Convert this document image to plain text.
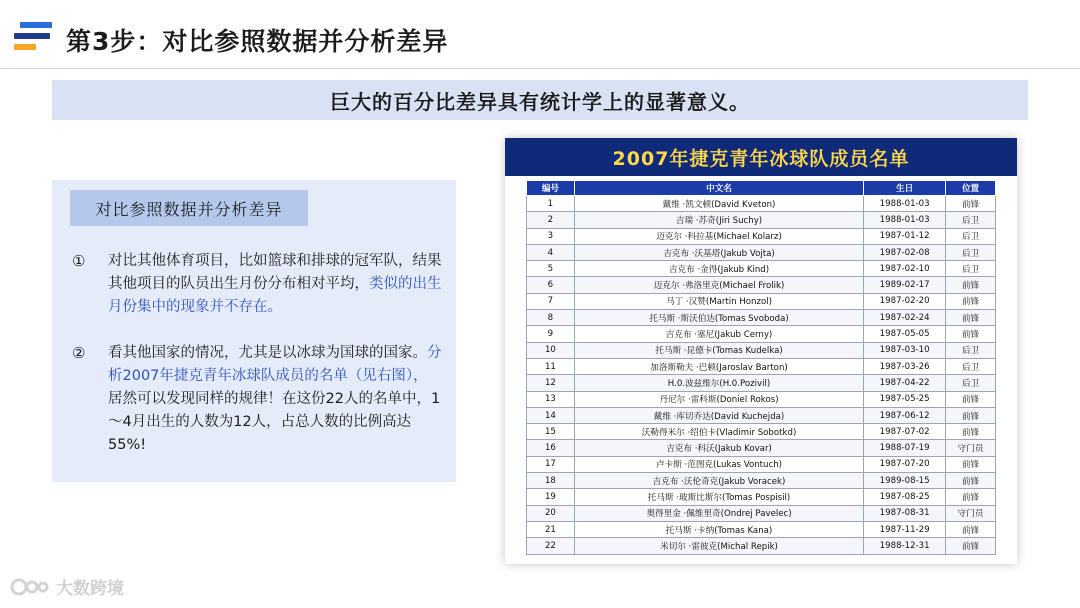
第3步：对比参照数据并分析差异
巨大的百分比差异具有统计学上的显著意义。
对比参照数据并分析差异
① 对比其他体育项目，比如篮球和排球的冠军队，结果其他项目的队员出生月份分布相对平均，类似的出生月份集中的现象并不存在。
② 看其他国家的情况，尤其是以冰球为国球的国家。分析2007年捷克青年冰球队成员的名单（见右图），居然可以发现同样的规律！在这份22人的名单中，1～4月出生的人数为12人，占总人数的比例高达55%!
2007年捷克青年冰球队成员名单
编号	中文名	生日	位置
1	戴维 ·凯文顿(David Kveton)	1988-01-03	前锋
2	吉瑞 ·苏奇(Jiri Suchy)	1988-01-03	后卫
3	迈克尔 ·科拉基(Michael Kolarz)	1987-01-12	后卫
4	吉克布 ·沃基塔(Jakub Vojta)	1987-02-08	后卫
5	吉克布 ·金得(Jakub Kind)	1987-02-10	后卫
6	迈克尔 ·弗洛里克(Michael Frolik)	1989-02-17	前锋
7	马丁 ·汉赞(Martin Honzol)	1987-02-20	前锋
8	托马斯 ·斯沃伯达(Tomas Svoboda)	1987-02-24	前锋
9	吉克布 ·塞尼(Jakub Cerny)	1987-05-05	前锋
10	托马斯 ·昆德卡(Tomas Kudelka)	1987-03-10	后卫
11	加洛斯勒夫 ·巴顿(Jaroslav Barton)	1987-03-26	后卫
12	H.0.波兹维尔(H.0.Pozivil)	1987-04-22	后卫
13	丹尼尔 ·雷科斯(Doniel Rokos)	1987-05-25	前锋
14	戴维 ·库切乔达(David Kuchejda)	1987-06-12	前锋
15	沃勒得米尔 ·绍伯卡(Vladimir Sobotkd)	1987-07-02	前锋
16	吉克布 ·科沃(Jakub Kovar)	1988-07-19	守门员
17	卢卡斯 ·范图克(Lukas Vontuch)	1987-07-20	前锋
18	吉克布 ·沃伦奇克(Jakub Voracek)	1989-08-15	前锋
19	托马斯 ·玻斯比斯尔(Tomas Pospisil)	1987-08-25	前锋
20	奥得里金 ·佩维里奇(Ondrej Pavelec)	1987-08-31	守门员
21	托马斯 ·卡纳(Tomas Kana)	1987-11-29	前锋
22	米切尔 ·雷彼克(Michal Repik)	1988-12-31	前锋
大数跨境
